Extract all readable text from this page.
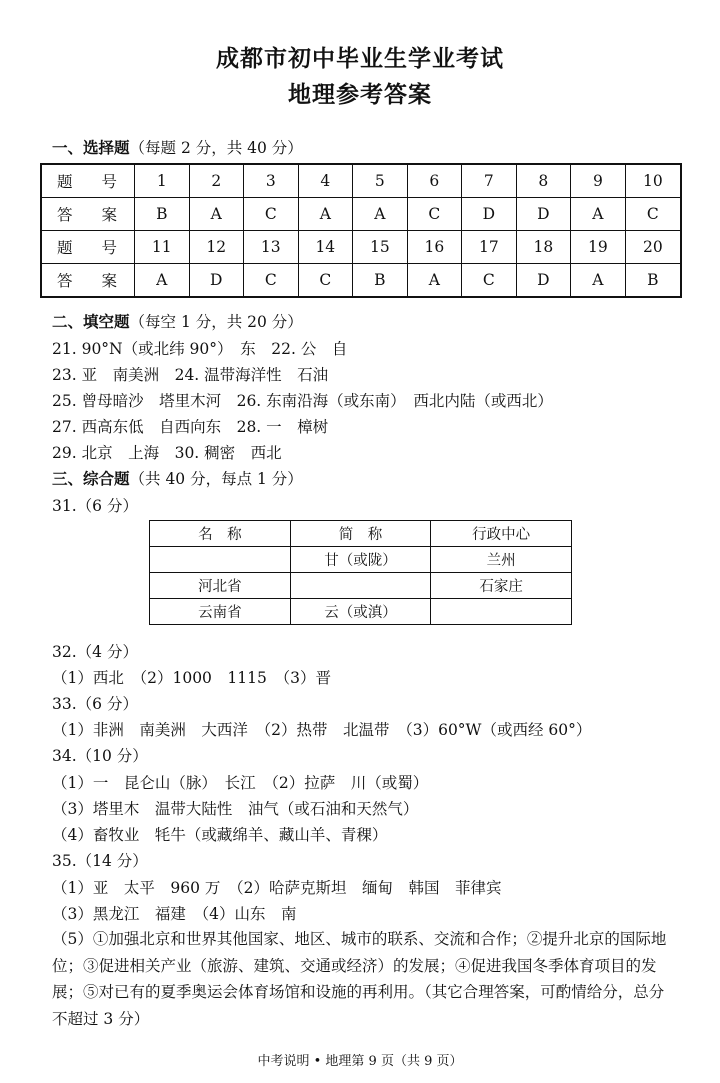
成都市初中毕业生学业考试
地理参考答案
一、选择题（每题 2 分，共 40 分）
题 号	1	2	3	4	5	6	7	8	9	10
答 案	B	A	C	A	A	C	D	D	A	C
题 号	11	12	13	14	15	16	17	18	19	20
答 案	A	D	C	C	B	A	C	D	A	B
二、填空题（每空 1 分，共 20 分）
21. 90°N（或北纬 90°）　东　22. 公　自
23. 亚　南美洲　24. 温带海洋性　石油
25. 曾母暗沙　塔里木河　26. 东南沿海（或东南）　西北内陆（或西北）
27. 西高东低　自西向东　28. 一　樟树
29. 北京　上海　30. 稠密　西北
三、综合题（共 40 分，每点 1 分）
31.（6 分）
名　称	简　称	行政中心
	甘（或陇）	兰州
河北省		石家庄
云南省	云（或滇）	
32.（4 分）
（1）西北　（2）1000　1115　（3）晋
33.（6 分）
（1）非洲　南美洲　大西洋　（2）热带　北温带　（3）60°W（或西经 60°）
34.（10 分）
（1）一　昆仑山（脉）　长江　（2）拉萨　川（或蜀）
（3）塔里木　温带大陆性　油气（或石油和天然气）
（4）畜牧业　牦牛（或藏绵羊、藏山羊、青稞）
35.（14 分）
（1）亚　太平　960 万　（2）哈萨克斯坦　缅甸　韩国　菲律宾
（3）黑龙江　福建　（4）山东　南
（5）①加强北京和世界其他国家、地区、城市的联系、交流和合作；②提升北京的国际地位；③促进相关产业（旅游、建筑、交通或经济）的发展；④促进我国冬季体育项目的发展；⑤对已有的夏季奥运会体育场馆和设施的再利用。（其它合理答案，可酌情给分，总分不超过 3 分）
中考说明 • 地理第 9 页（共 9 页）
